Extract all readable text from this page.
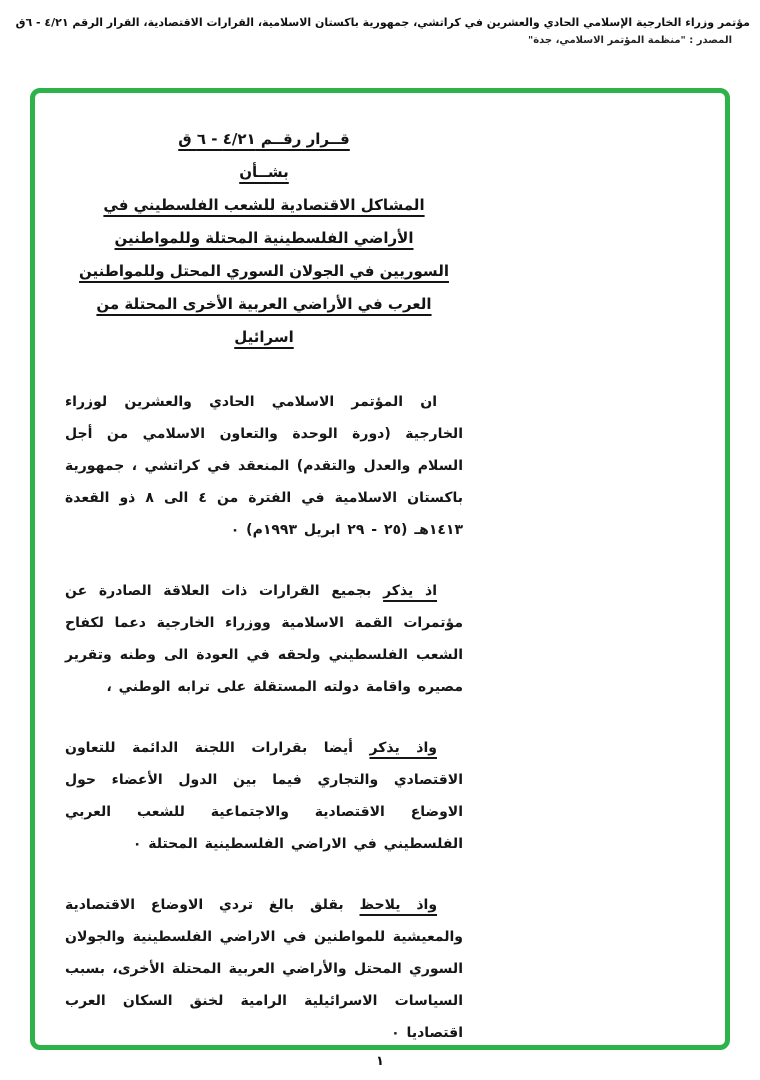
مؤتمر وزراء الخارجية الإسلامي الحادي والعشرين في كراتشي، جمهورية باكستان الاسلامية، القرارات الاقتصادية، القرار الرقم ٤/٢١ - ٦ق
المصدر : "منظمة المؤتمر الاسلامي، جدة"
قــرار رقــم ٤/٢١ - ٦ ق
بشــأن
المشاكل الاقتصادية للشعب الفلسطيني في
الأراضي الفلسطينية المحتلة وللمواطنين
السوريين في الجولان السوري المحتل وللمواطنين
العرب في الأراضي العربية الأخرى المحتلة من اسرائيل

ان المؤتمر الاسلامي الحادي والعشرين لوزراء الخارجية (دورة الوحدة والتعاون الاسلامي من أجل السلام والعدل والتقدم) المنعقد في كراتشي ، جمهورية باكستان الاسلامية في الفترة من ٤ الى ٨ ذو القعدة ١٤١٣هـ (٢٥ - ٢٩ ابريل ١٩٩٣م) ٠

اذ يذكر بجميع القرارات ذات العلاقة الصادرة عن مؤتمرات القمة الاسلامية ووزراء الخارجية دعما لكفاح الشعب الفلسطيني ولحقه في العودة الى وطنه وتقرير مصيره واقامة دولته المستقلة على ترابه الوطني ،

واذ يذكر أيضا بقرارات اللجنة الدائمة للتعاون الاقتصادي والتجاري فيما بين الدول الأعضاء حول الاوضاع الاقتصادية والاجتماعية للشعب العربي الفلسطيني في الاراضي الفلسطينية المحتلة ٠

واذ يلاحظ بقلق بالغ تردي الاوضاع الاقتصادية والمعيشية للمواطنين في الاراضي الفلسطينية والجولان السوري المحتل والأراضي العربية المحتلة الأخرى، بسبب السياسات الاسرائيلية الرامية لخنق السكان العرب اقتصاديا ٠

١
